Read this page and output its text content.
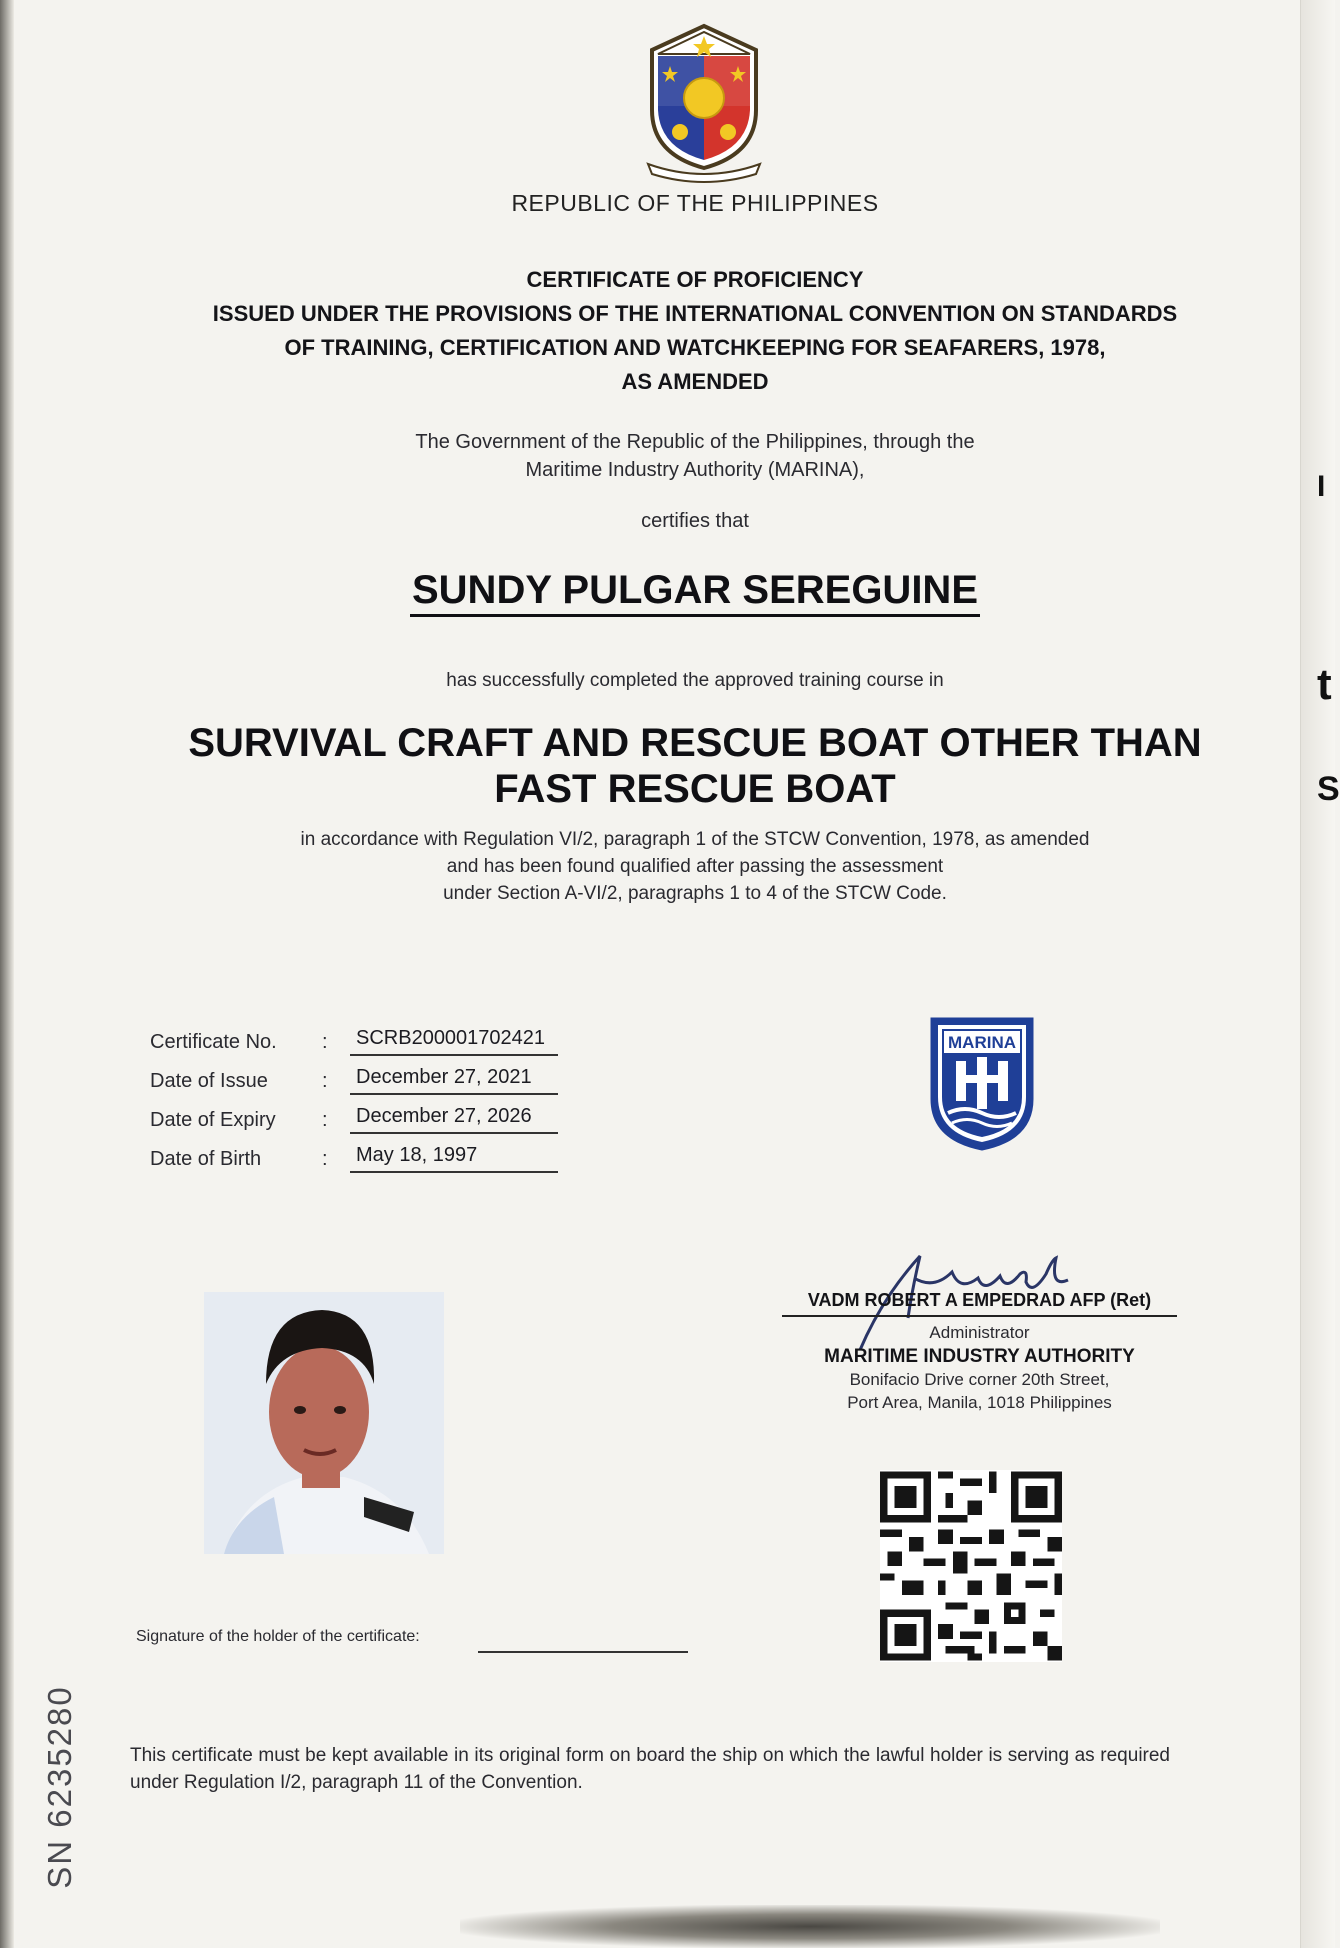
t
S
I
REPUBLIC OF THE PHILIPPINES
CERTIFICATE OF PROFICIENCY
ISSUED UNDER THE PROVISIONS OF THE INTERNATIONAL CONVENTION ON STANDARDS
OF TRAINING, CERTIFICATION AND WATCHKEEPING FOR SEAFARERS, 1978,
AS AMENDED
The Government of the Republic of the Philippines, through the
Maritime Industry Authority (MARINA),
certifies that
SUNDY PULGAR SEREGUINE
has successfully completed the approved training course in
SURVIVAL CRAFT AND RESCUE BOAT OTHER THAN
FAST RESCUE BOAT
in accordance with Regulation VI/2, paragraph 1 of the STCW Convention, 1978, as amended
and has been found qualified after passing the assessment
under Section A-VI/2, paragraphs 1 to 4 of the STCW Code.
Certificate No. :	SCRB200001702421
Date of Issue	:	December 27, 2021
Date of Expiry :	December 27, 2026
Date of Birth	:	May 18, 1997
MARINA
VADM ROBERT A EMPEDRAD AFP (Ret)
Administrator
MARITIME INDUSTRY AUTHORITY
Bonifacio Drive corner 20th Street,
Port Area, Manila, 1018 Philippines
Signature of the holder of the certificate:
This certificate must be kept available in its original form on board the ship on which the lawful holder is serving as required under Regulation I/2, paragraph 11 of the Convention.
SN 6235280
